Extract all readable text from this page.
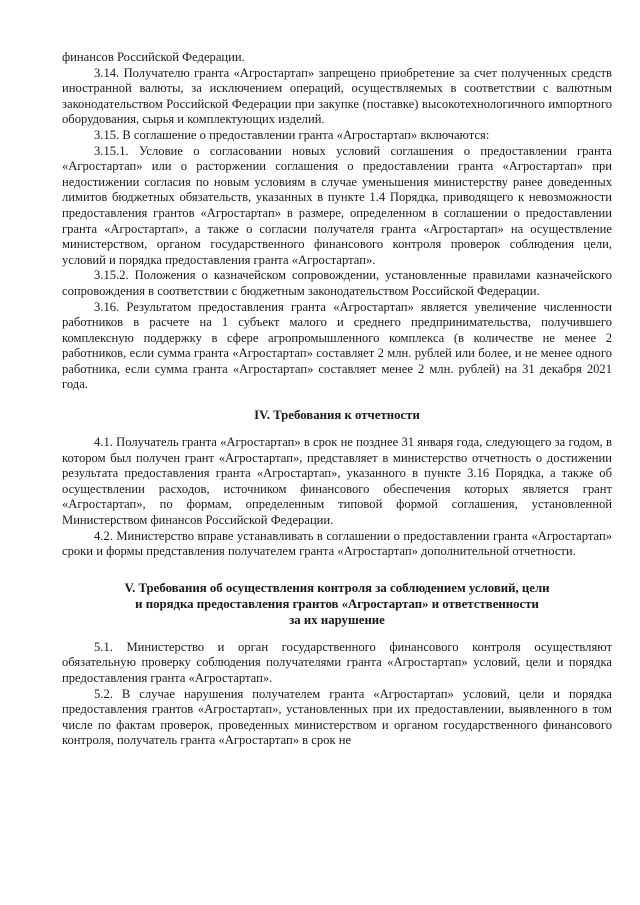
финансов Российской Федерации.

3.14. Получателю гранта «Агростартап» запрещено приобретение за счет полученных средств иностранной валюты, за исключением операций, осуществляемых в соответствии с валютным законодательством Российской Федерации при закупке (поставке) высокотехнологичного импортного оборудования, сырья и комплектующих изделий.

3.15. В соглашение о предоставлении гранта «Агростартап» включаются:

3.15.1. Условие о согласовании новых условий соглашения о предоставлении гранта «Агростартап» или о расторжении соглашения о предоставлении гранта «Агростартап» при недостижении согласия по новым условиям в случае уменьшения министерству ранее доведенных лимитов бюджетных обязательств, указанных в пункте 1.4 Порядка, приводящего к невозможности предоставления грантов «Агростартап» в размере, определенном в соглашении о предоставлении гранта «Агростартап», а также о согласии получателя гранта «Агростартап» на осуществление министерством, органом государственного финансового контроля проверок соблюдения цели, условий и порядка предоставления гранта «Агростартап».

3.15.2. Положения о казначейском сопровождении, установленные правилами казначейского сопровождения в соответствии с бюджетным законодательством Российской Федерации.

3.16. Результатом предоставления гранта «Агростартап» является увеличение численности работников в расчете на 1 субъект малого и среднего предпринимательства, получившего комплексную поддержку в сфере агропромышленного комплекса (в количестве не менее 2 работников, если сумма гранта «Агростартап» составляет 2 млн. рублей или более, и не менее одного работника, если сумма гранта «Агростартап» составляет менее 2 млн. рублей) на 31 декабря 2021 года.

IV. Требования к отчетности

4.1. Получатель гранта «Агростартап» в срок не позднее 31 января года, следующего за годом, в котором был получен грант «Агростартап», представляет в министерство отчетность о достижении результата предоставления гранта «Агростартап», указанного в пункте 3.16 Порядка, а также об осуществлении расходов, источником финансового обеспечения которых является грант «Агростартап», по формам, определенным типовой формой соглашения, установленной Министерством финансов Российской Федерации.

4.2. Министерство вправе устанавливать в соглашении о предоставлении гранта «Агростартап» сроки и формы представления получателем гранта «Агростартап» дополнительной отчетности.

V. Требования об осуществления контроля за соблюдением условий, цели
и порядка предоставления грантов «Агростартап» и ответственности
за их нарушение

5.1. Министерство и орган государственного финансового контроля осуществляют обязательную проверку соблюдения получателями гранта «Агростартап» условий, цели и порядка предоставления гранта «Агростартап».

5.2. В случае нарушения получателем гранта «Агростартап» условий, цели и порядка предоставления грантов «Агростартап», установленных при их предоставлении, выявленного в том числе по фактам проверок, проведенных министерством и органом государственного финансового контроля, получатель гранта «Агростартап» в срок не
